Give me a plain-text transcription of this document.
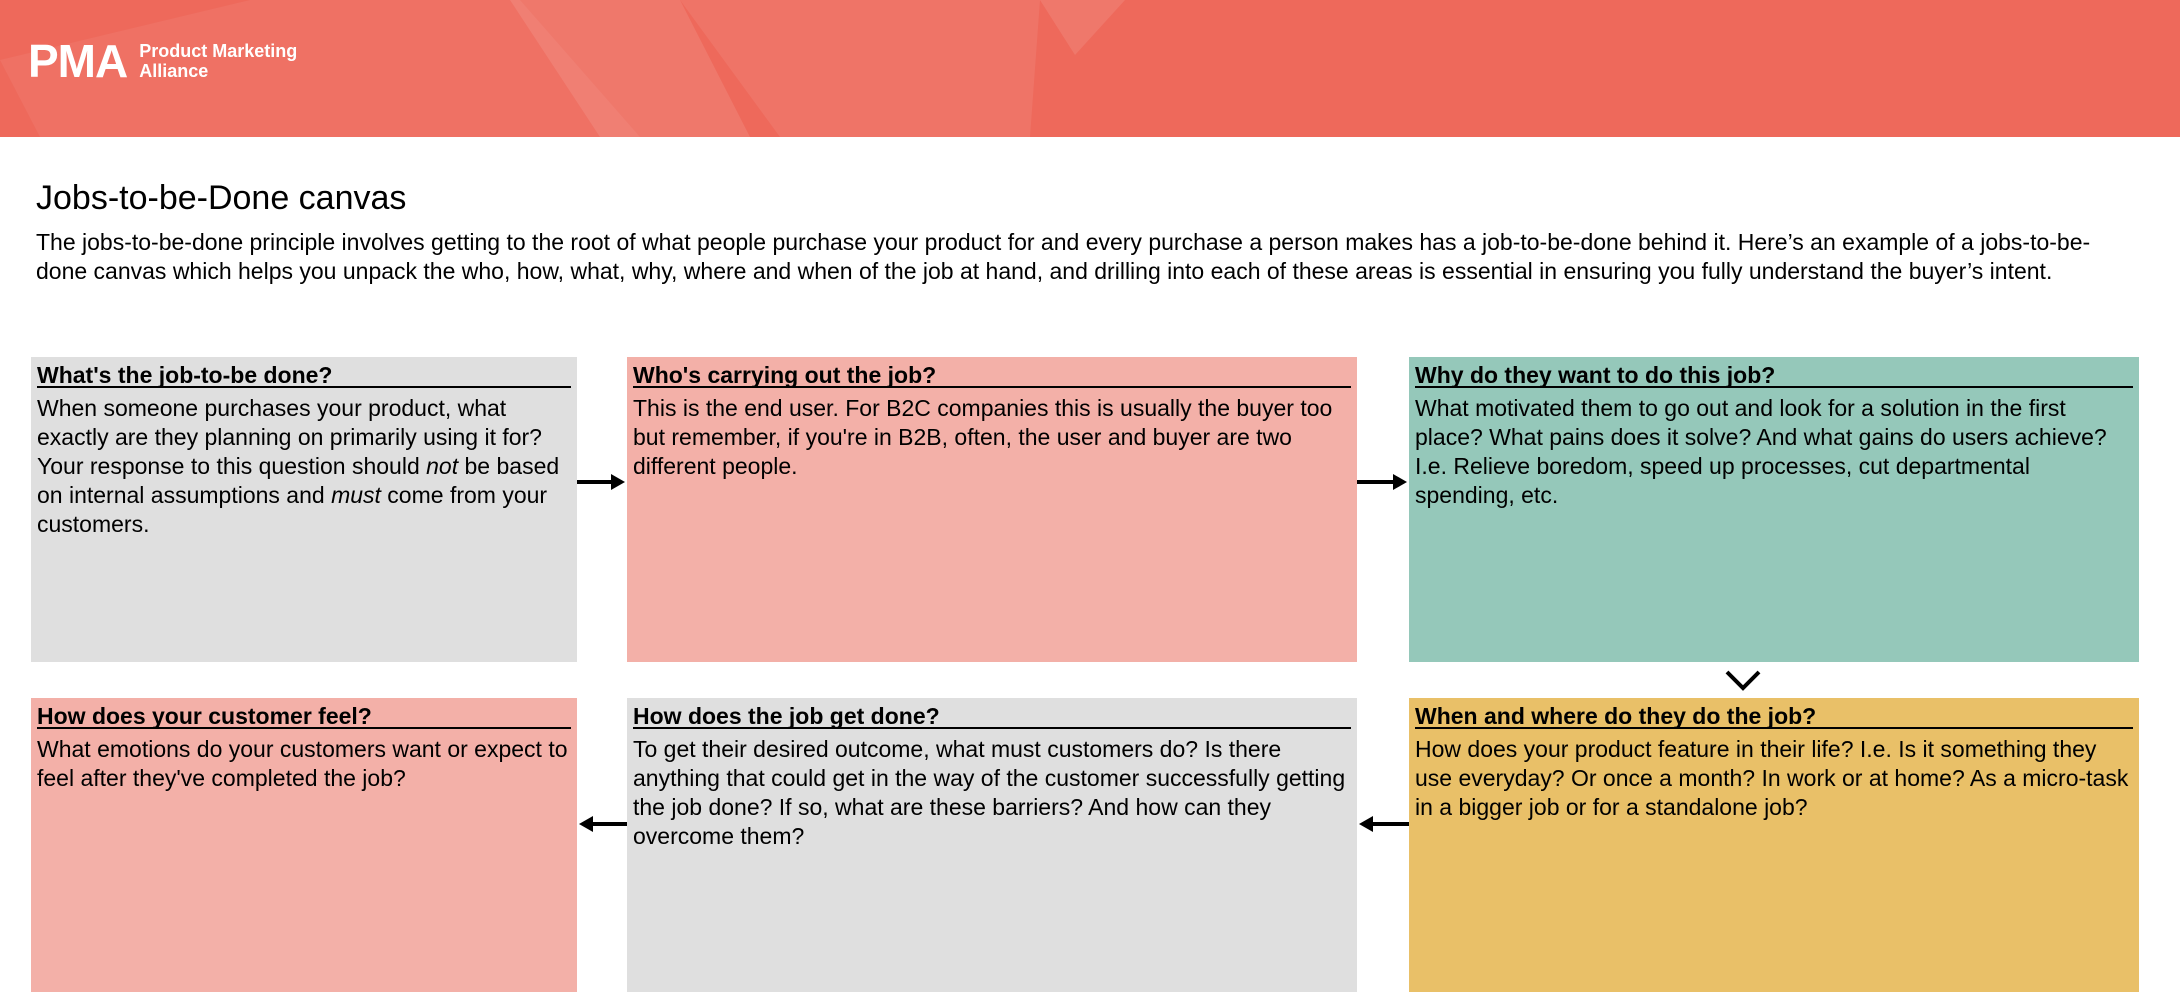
PMA Product Marketing
Alliance
Jobs-to-be-Done canvas

The jobs-to-be-done principle involves getting to the root of what people purchase your product for and every purchase a person makes has a job-to-be-done behind it. Here’s an example of a jobs-to-be-done canvas which helps you unpack the who, how, what, why, where and when of the job at hand, and drilling into each of these areas is essential in ensuring you fully understand the buyer’s intent.

What's the job-to-be done?
When someone purchases your product, what exactly are they planning on primarily using it for? Your response to this question should not be based on internal assumptions and must come from your customers.
Who's carrying out the job?
This is the end user. For B2C companies this is usually the buyer too but remember, if you're in B2B, often, the user and buyer are two different people.
Why do they want to do this job?
What motivated them to go out and look for a solution in the first place? What pains does it solve? And what gains do users achieve? I.e. Relieve boredom, speed up processes, cut departmental spending, etc.
How does your customer feel?
What emotions do your customers want or expect to feel after they've completed the job?
How does the job get done?
To get their desired outcome, what must customers do? Is there anything that could get in the way of the customer successfully getting the job done? If so, what are these barriers? And how can they overcome them?
When and where do they do the job?
How does your product feature in their life? I.e. Is it something they use everyday? Or once a month? In work or at home? As a micro-task in a bigger job or for a standalone job?
